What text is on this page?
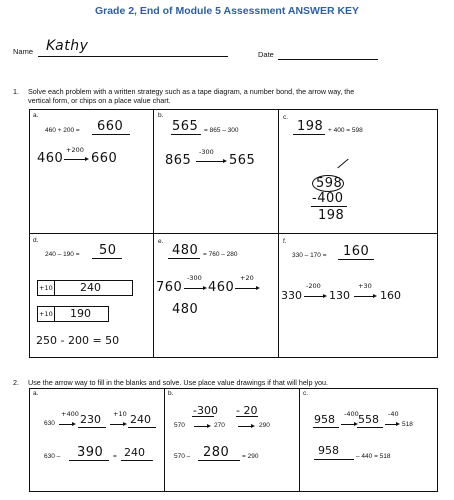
Grade 2, End of Module 5 Assessment ANSWER KEY
Name Kathy
Date
1. Solve each problem with a written strategy such as a tape diagram, a number bond, the arrow way, the
vertical form, or chips on a place value chart.
a.
460 + 200 = 660
460
+200
660
b.
565 = 865 – 300
865
-300
565
c.
198 + 400 = 598
598
-400
198
d.
240 – 190 = 50
+10 240
+10 190
250 - 200 = 50
e.
480 = 760 – 280
760
-300
460
+20
480
f.
330 – 170 = 160
330
-200
130
+30
160
2. Use the arrow way to fill in the blanks and solve. Use place value drawings if that will help you.
a.
630
+400 230 +10 240
630 – 390 = 240
b.
570
-300
270
- 20
290
570 – 280 = 290
c.
958 -400 558 -40
518
958	– 440 = 518
